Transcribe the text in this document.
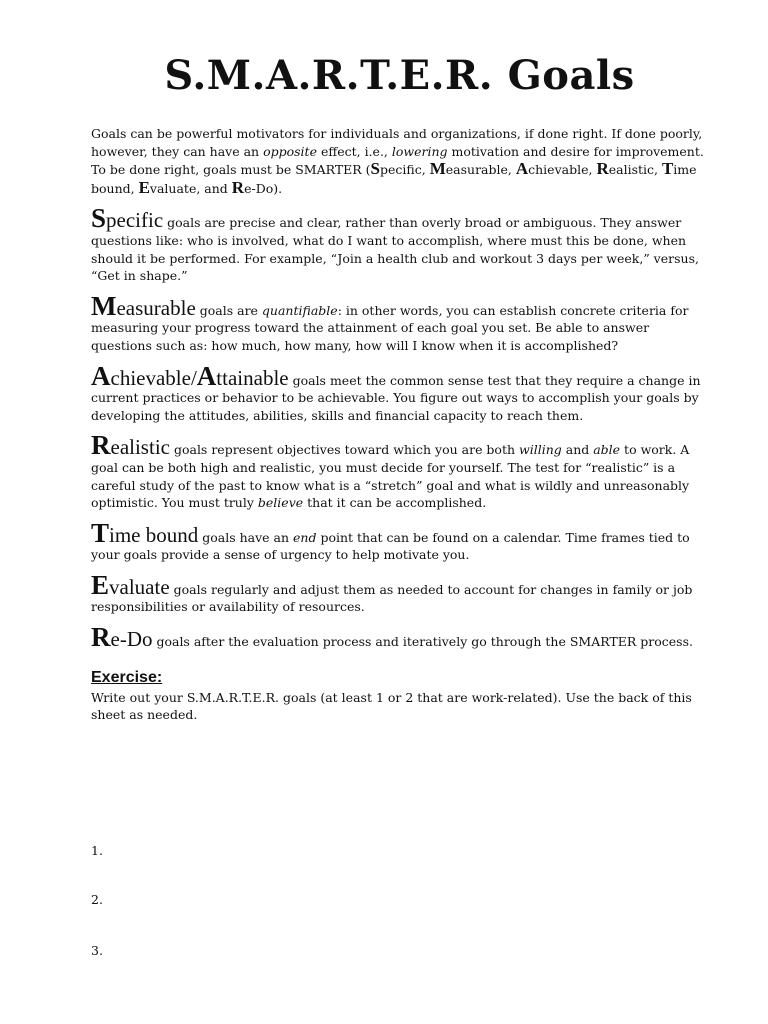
S.M.A.R.T.E.R. Goals

Goals can be powerful motivators for individuals and organizations, if done right. If done poorly, however, they can have an opposite effect, i.e., lowering motivation and desire for improvement. To be done right, goals must be SMARTER (Specific, Measurable, Achievable, Realistic, Time bound, Evaluate, and Re-Do).

Specific goals are precise and clear, rather than overly broad or ambiguous. They answer questions like: who is involved, what do I want to accomplish, where must this be done, when should it be performed. For example, “Join a health club and workout 3 days per week,” versus, “Get in shape.”

Measurable goals are quantifiable: in other words, you can establish concrete criteria for measuring your progress toward the attainment of each goal you set. Be able to answer questions such as: how much, how many, how will I know when it is accomplished?

Achievable/Attainable goals meet the common sense test that they require a change in current practices or behavior to be achievable. You figure out ways to accomplish your goals by developing the attitudes, abilities, skills and financial capacity to reach them.

Realistic goals represent objectives toward which you are both willing and able to work. A goal can be both high and realistic, you must decide for yourself. The test for “realistic” is a careful study of the past to know what is a “stretch” goal and what is wildly and unreasonably optimistic. You must truly believe that it can be accomplished.

Time bound goals have an end point that can be found on a calendar. Time frames tied to your goals provide a sense of urgency to help motivate you.

Evaluate goals regularly and adjust them as needed to account for changes in family or job responsibilities or availability of resources.

Re-Do goals after the evaluation process and iteratively go through the SMARTER process.

Exercise:

Write out your S.M.A.R.T.E.R. goals (at least 1 or 2 that are work-related). Use the back of this sheet as needed.

1.
2.
3.
